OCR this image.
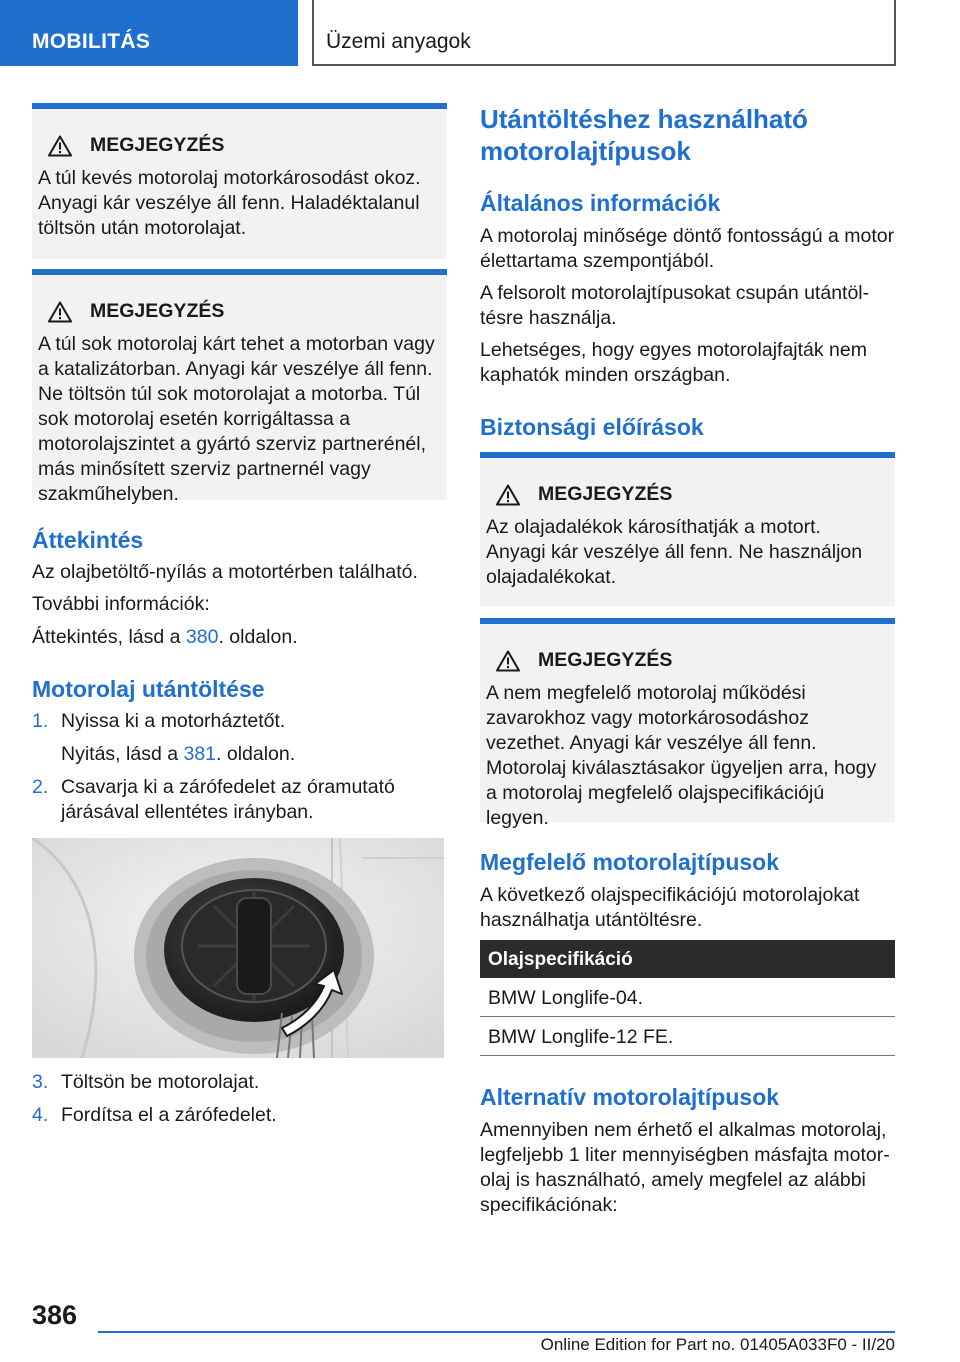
MOBILITÁS	Üzemi anyagok
MEGJEGYZÉS
A túl kevés motorolaj motorkárosodást okoz. Anyagi kár veszélye áll fenn. Haladéktalanul töltsön után motorolajat.
MEGJEGYZÉS
A túl sok motorolaj kárt tehet a motorban vagy a katalizátorban. Anyagi kár veszélye áll fenn. Ne töltsön túl sok motorolajat a motorba. Túl sok motorolaj esetén korrigáltassa a motorolajszintet a gyártó szerviz partnerénél, más minősített szerviz partnernél vagy szakműhelyben.
Áttekintés
Az olajbetöltő-nyílás a motortérben található.
További információk:
Áttekintés, lásd a 380. oldalon.
Motorolaj utántöltése
1. Nyissa ki a motorháztetőt.
Nyitás, lásd a 381. oldalon.
2. Csavarja ki a zárófedelet az óramutató járásával ellentétes irányban.
3. Töltsön be motorolajat.
4. Fordítsa el a zárófedelet.
Utántöltéshez használható motorolajtípusok
Általános információk
A motorolaj minősége döntő fontosságú a motor élettartama szempontjából.
A felsorolt motorolajtípusokat csupán utántöltésre használja.
Lehetséges, hogy egyes motorolajfajták nem kaphatók minden országban.
Biztonsági előírások
MEGJEGYZÉS
Az olajadalékok károsíthatják a motort. Anyagi kár veszélye áll fenn. Ne használjon olajadalékokat.
MEGJEGYZÉS
A nem megfelelő motorolaj működési zavarokhoz vagy motorkárosodáshoz vezethet. Anyagi kár veszélye áll fenn. Motorolaj kiválasztásakor ügyeljen arra, hogy a motorolaj megfelelő olajspecifikációjú legyen.
Megfelelő motorolajtípusok
A következő olajspecifikációjú motorolajokat használhatja utántöltésre.
Olajspecifikáció
BMW Longlife-04.
BMW Longlife-12 FE.
Alternatív motorolajtípusok
Amennyiben nem érhető el alkalmas motorolaj, legfeljebb 1 liter mennyiségben másfajta motorolaj is használható, amely megfelel az alábbi specifikációnak:
386
Online Edition for Part no. 01405A033F0 - II/20
